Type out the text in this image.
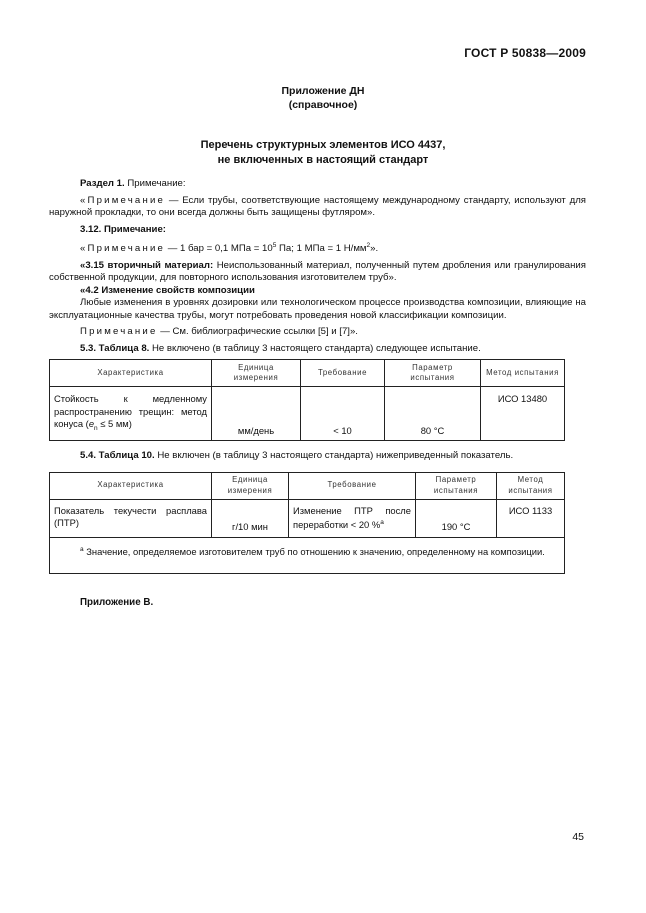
ГОСТ Р 50838—2009
Приложение ДН
(справочное)
Перечень структурных элементов ИСО 4437,
не включенных в настоящий стандарт

Раздел 1. Примечание:

«Примечание — Если трубы, соответствующие настоящему международному стандарту, используют для наружной прокладки, то они всегда должны быть защищены футляром».

3.12. Примечание:

«Примечание — 1 бар = 0,1 МПа = $10^5$ Па; 1 МПа = 1 $Н/мм^2$».

«3.15 вторичный материал: Неиспользованный материал, полученный путем дробления или гранулирования собственной продукции, для повторного использования изготовителем труб».

«4.2 Изменение свойств композиции

Любые изменения в уровнях дозировки или технологическом процессе производства композиции, влияющие на эксплуатационные качества трубы, могут потребовать проведения новой классификации композиции.

Примечание — См. библиографические ссылки [5] и [7]».

5.3. Таблица 8. Не включено (в таблицу 3 настоящего стандарта) следующее испытание.

Характеристика	Единица измерения	Требование	Параметр испытания	Метод испытания
Стойкость к медленному распространению трещин: метод конуса ($e_n \le 5$ мм)	мм/день	< 10	80 °С	ИСО 13480

5.4. Таблица 10. Не включен (в таблицу 3 настоящего стандарта) нижеприведенный показатель.

Характеристика	Единица измерения	Требование	Параметр испытания	Метод испытания
Показатель текучести расплава (ПТР)	г/10 мин	Изменение ПТР после переработки < 20 %$^a$	190 °С	ИСО 1133

$^a$ Значение, определяемое изготовителем труб по отношению к значению, определенному на композиции.				
Приложение В.
45
